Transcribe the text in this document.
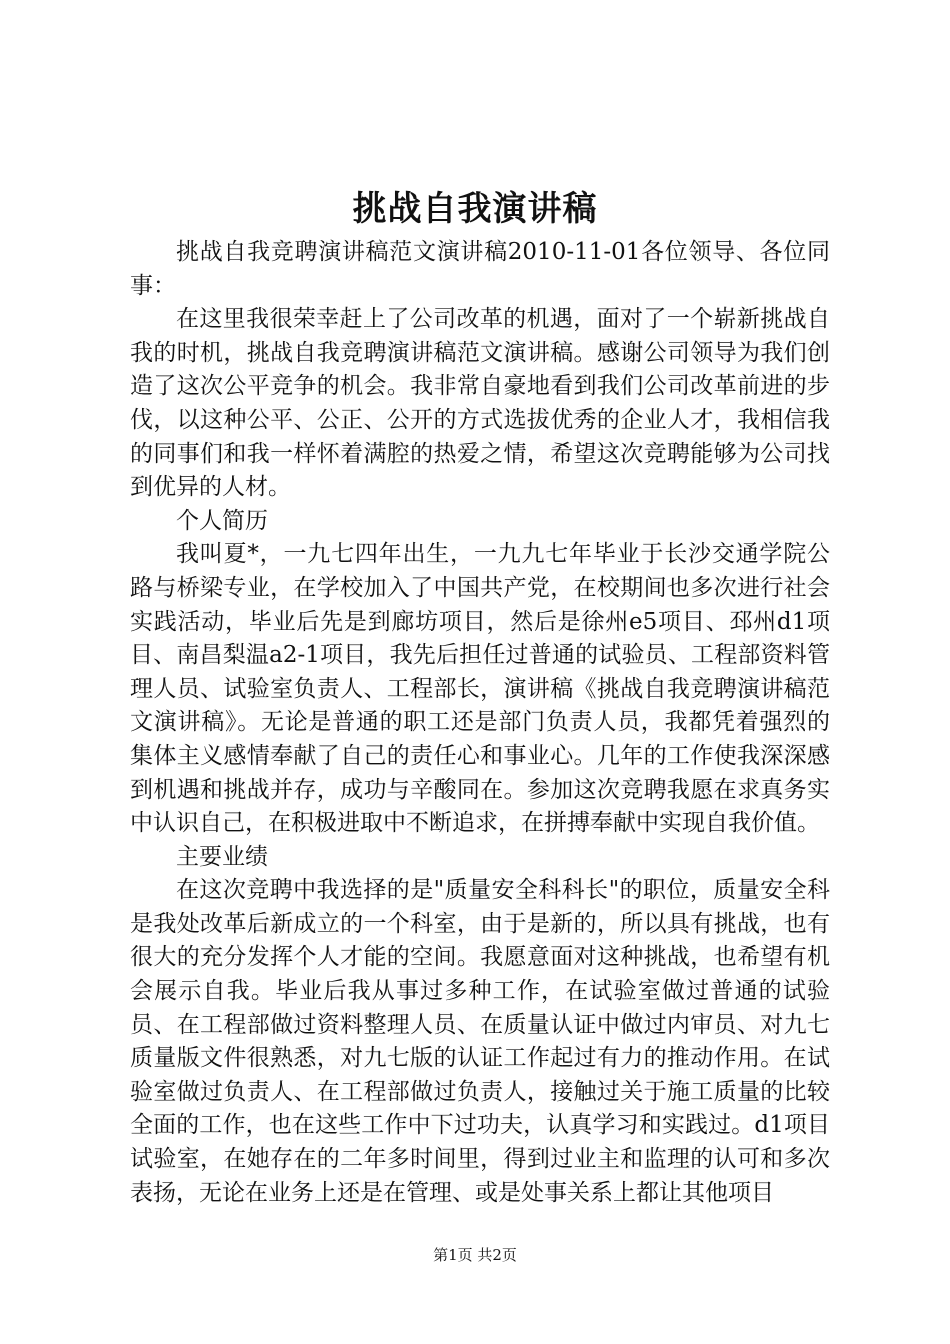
挑战自我演讲稿

挑战自我竞聘演讲稿范文演讲稿2010-11-01各位领导、各位同事：

在这里我很荣幸赶上了公司改革的机遇，面对了一个崭新挑战自我的时机，挑战自我竞聘演讲稿范文演讲稿。感谢公司领导为我们创造了这次公平竞争的机会。我非常自豪地看到我们公司改革前进的步伐，以这种公平、公正、公开的方式选拔优秀的企业人才，我相信我的同事们和我一样怀着满腔的热爱之情，希望这次竞聘能够为公司找到优异的人材。

个人简历

我叫夏*，一九七四年出生，一九九七年毕业于长沙交通学院公路与桥梁专业，在学校加入了中国共产党，在校期间也多次进行社会实践活动，毕业后先是到廊坊项目，然后是徐州e5项目、邳州d1项目、南昌梨温a2-1项目，我先后担任过普通的试验员、工程部资料管理人员、试验室负责人、工程部长，演讲稿《挑战自我竞聘演讲稿范文演讲稿》。无论是普通的职工还是部门负责人员，我都凭着强烈的集体主义感情奉献了自己的责任心和事业心。几年的工作使我深深感到机遇和挑战并存，成功与辛酸同在。参加这次竞聘我愿在求真务实中认识自己，在积极进取中不断追求，在拼搏奉献中实现自我价值。

主要业绩

在这次竞聘中我选择的是"质量安全科科长"的职位，质量安全科是我处改革后新成立的一个科室，由于是新的，所以具有挑战，也有很大的充分发挥个人才能的空间。我愿意面对这种挑战，也希望有机会展示自我。毕业后我从事过多种工作，在试验室做过普通的试验员、在工程部做过资料整理人员、在质量认证中做过内审员、对九七质量版文件很熟悉，对九七版的认证工作起过有力的推动作用。在试验室做过负责人、在工程部做过负责人，接触过关于施工质量的比较全面的工作，也在这些工作中下过功夫，认真学习和实践过。d1项目试验室，在她存在的二年多时间里，得到过业主和监理的认可和多次表扬，无论在业务上还是在管理、或是处事关系上都让其他项目

第1页 共2页
